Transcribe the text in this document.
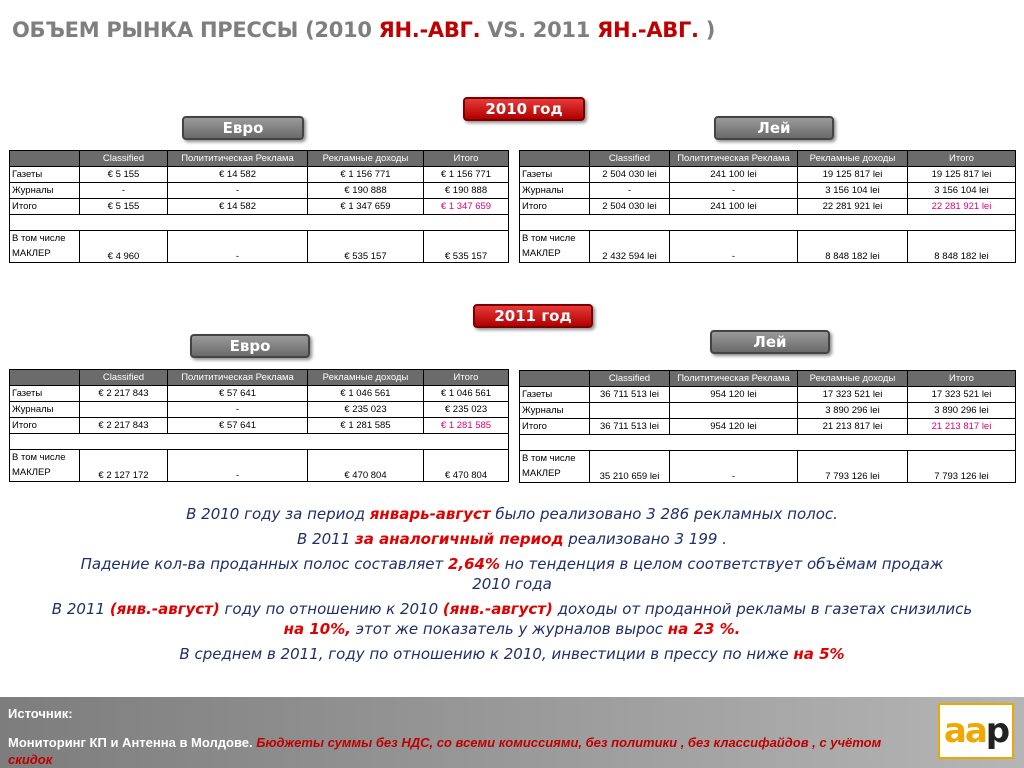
ОБЪЕМ РЫНКА ПРЕССЫ (2010 ЯН.-АВГ. VS. 2011 ЯН.-АВГ. )
2010 год
Евро	Лей
	Classified	Полититическая Реклама	Рекламные доходы	Итого
Газеты	€ 5 155	€ 14 582	€ 1 156 771	€ 1 156 771
Журналы	-	-	€ 190 888	€ 190 888
Итого	€ 5 155	€ 14 582	€ 1 347 659	€ 1 347 659

В том числе
МАКЛЕР	€ 4 960	-	€ 535 157	€ 535 157
	Classified	Полититическая Реклама	Рекламные доходы	Итого
Газеты	2 504 030 lei	241 100 lei	19 125 817 lei	19 125 817 lei
Журналы	-	-	3 156 104 lei	3 156 104 lei
Итого	2 504 030 lei	241 100 lei	22 281 921 lei	22 281 921 lei

В том числе
МАКЛЕР	2 432 594 lei	-	8 848 182 lei	8 848 182 lei
2011 год
Евро	Лей
	Classified	Полититическая Реклама	Рекламные доходы	Итого
Газеты	€ 2 217 843	€ 57 641	€ 1 046 561	€ 1 046 561
Журналы		-	€ 235 023	€ 235 023
Итого	€ 2 217 843	€ 57 641	€ 1 281 585	€ 1 281 585

В том числе
МАКЛЕР	€ 2 127 172	-	€ 470 804	€ 470 804
	Classified	Полититическая Реклама	Рекламные доходы	Итого
Газеты	36 711 513 lei	954 120 lei	17 323 521 lei	17 323 521 lei
Журналы			3 890 296 lei	3 890 296 lei
Итого	36 711 513 lei	954 120 lei	21 213 817 lei	21 213 817 lei

В том числе
МАКЛЕР	35 210 659 lei	-	7 793 126 lei	7 793 126 lei

В 2010 году за период январь-август было реализовано 3 286 рекламных полос.

В 2011 за аналогичный период реализовано 3 199 .

Падение кол-ва проданных полос составляет 2,64% но тенденция в целом соответствует объёмам продаж 2010 года

В 2011 (янв.-август) году по отношению к 2010 (янв.-август) доходы от проданной рекламы в газетах снизились на 10%, этот же показатель у журналов вырос на 23 %.

В среднем в 2011, году по отношению к 2010, инвестиции в прессу по ниже на 5%

Источник:
Мониторинг КП и Антенна в Молдове. Бюджеты суммы без НДС, со всеми комиссиями, без политики , без классифайдов , с учётом скидок
aa p
